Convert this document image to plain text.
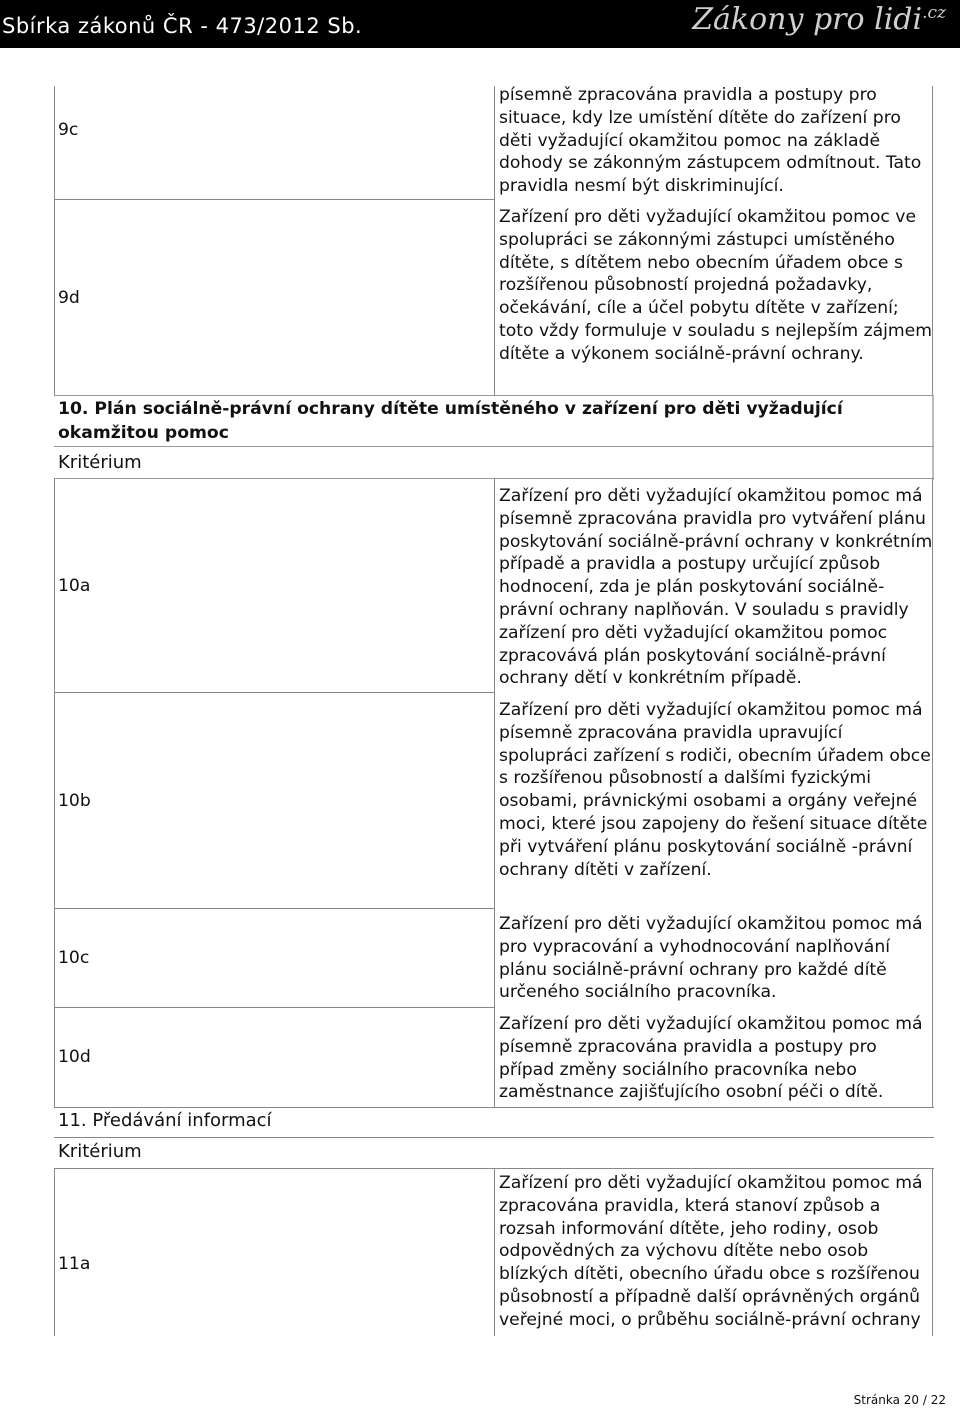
Sbírka zákonů ČR - 473/2012 Sb.	Zákony pro lidi$^{.cz}$
9c
písemně zpracována pravidla a postupy pro situace, kdy lze umístění dítěte do zařízení pro děti vyžadující okamžitou pomoc na základě dohody se zákonným zástupcem odmítnout. Tato pravidla nesmí být diskriminující.
9d
Zařízení pro děti vyžadující okamžitou pomoc ve spolupráci se zákonnými zástupci umístěného dítěte, s dítětem nebo obecním úřadem obce s rozšířenou působností projedná požadavky, očekávání, cíle a účel pobytu dítěte v zařízení; toto vždy formuluje v souladu s nejlepším zájmem dítěte a výkonem sociálně-právní ochrany.
10. Plán sociálně-právní ochrany dítěte umístěného v zařízení pro děti vyžadující okamžitou pomoc
Kritérium
10a
Zařízení pro děti vyžadující okamžitou pomoc má písemně zpracována pravidla pro vytváření plánu poskytování sociálně-právní ochrany v konkrétním případě a pravidla a postupy určující způsob hodnocení, zda je plán poskytování sociálně-právní ochrany naplňován. V souladu s pravidly zařízení pro děti vyžadující okamžitou pomoc zpracovává plán poskytování sociálně-právní ochrany dětí v konkrétním případě.
10b
Zařízení pro děti vyžadující okamžitou pomoc má písemně zpracována pravidla upravující spolupráci zařízení s rodiči, obecním úřadem obce s rozšířenou působností a dalšími fyzickými osobami, právnickými osobami a orgány veřejné moci, které jsou zapojeny do řešení situace dítěte při vytváření plánu poskytování sociálně -právní ochrany dítěti v zařízení.
10c
Zařízení pro děti vyžadující okamžitou pomoc má pro vypracování a vyhodnocování naplňování plánu sociálně-právní ochrany pro každé dítě určeného sociálního pracovníka.
10d
Zařízení pro děti vyžadující okamžitou pomoc má písemně zpracována pravidla a postupy pro případ změny sociálního pracovníka nebo zaměstnance zajišťujícího osobní péči o dítě.
11. Předávání informací
Kritérium
11a
Zařízení pro děti vyžadující okamžitou pomoc má zpracována pravidla, která stanoví způsob a rozsah informování dítěte, jeho rodiny, osob odpovědných za výchovu dítěte nebo osob blízkých dítěti, obecního úřadu obce s rozšířenou působností a případně další oprávněných orgánů veřejné moci, o průběhu sociálně-právní ochrany
Stránka 20 / 22
